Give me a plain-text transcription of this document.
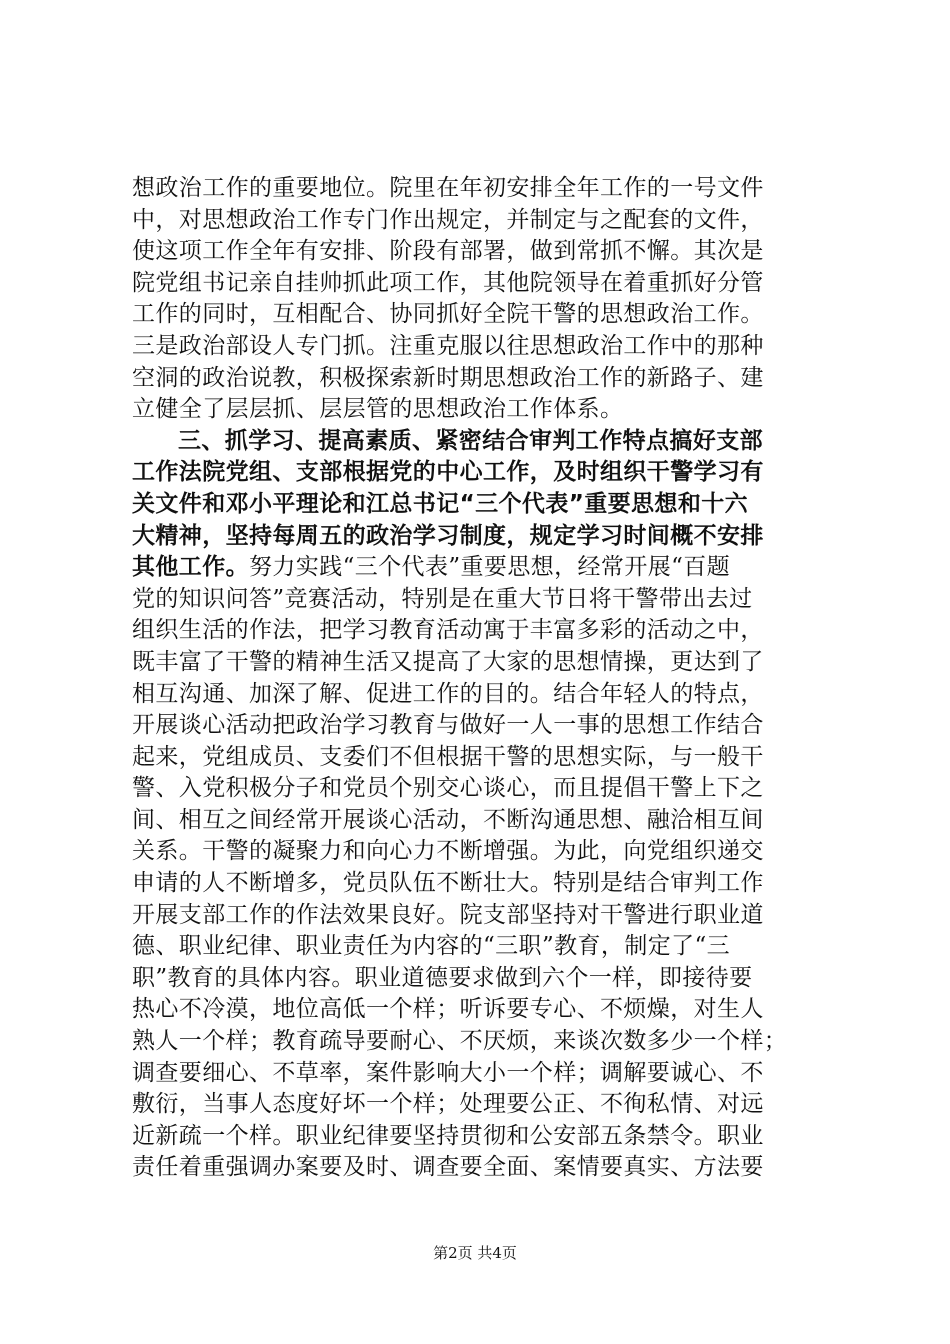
想政治工作的重要地位。院里在年初安排全年工作的一号文件
中，对思想政治工作专门作出规定，并制定与之配套的文件，
使这项工作全年有安排、阶段有部署，做到常抓不懈。其次是
院党组书记亲自挂帅抓此项工作，其他院领导在着重抓好分管
工作的同时，互相配合、协同抓好全院干警的思想政治工作。
三是政治部设人专门抓。注重克服以往思想政治工作中的那种
空洞的政治说教，积极探索新时期思想政治工作的新路子、建
立健全了层层抓、层层管的思想政治工作体系。
三、抓学习、提高素质、紧密结合审判工作特点搞好支部
工作法院党组、支部根据党的中心工作，及时组织干警学习有
关文件和邓小平理论和江总书记“三个代表”重要思想和十六
大精神，坚持每周五的政治学习制度，规定学习时间概不安排
其他工作。努力实践“三个代表”重要思想，经常开展“百题
党的知识问答”竞赛活动，特别是在重大节日将干警带出去过
组织生活的作法，把学习教育活动寓于丰富多彩的活动之中，
既丰富了干警的精神生活又提高了大家的思想情操，更达到了
相互沟通、加深了解、促进工作的目的。结合年轻人的特点，
开展谈心活动把政治学习教育与做好一人一事的思想工作结合
起来，党组成员、支委们不但根据干警的思想实际，与一般干
警、入党积极分子和党员个别交心谈心，而且提倡干警上下之
间、相互之间经常开展谈心活动，不断沟通思想、融洽相互间
关系。干警的凝聚力和向心力不断增强。为此，向党组织递交
申请的人不断增多，党员队伍不断壮大。特别是结合审判工作
开展支部工作的作法效果良好。院支部坚持对干警进行职业道
德、职业纪律、职业责任为内容的“三职”教育，制定了“三
职”教育的具体内容。职业道德要求做到六个一样，即接待要
热心不冷漠，地位高低一个样；听诉要专心、不烦燥，对生人
熟人一个样；教育疏导要耐心、不厌烦，来谈次数多少一个样；
调查要细心、不草率，案件影响大小一个样；调解要诚心、不
敷衍，当事人态度好坏一个样；处理要公正、不徇私情、对远
近新疏一个样。职业纪律要坚持贯彻和公安部五条禁令。职业
责任着重强调办案要及时、调查要全面、案情要真实、方法要
第2页 共4页
